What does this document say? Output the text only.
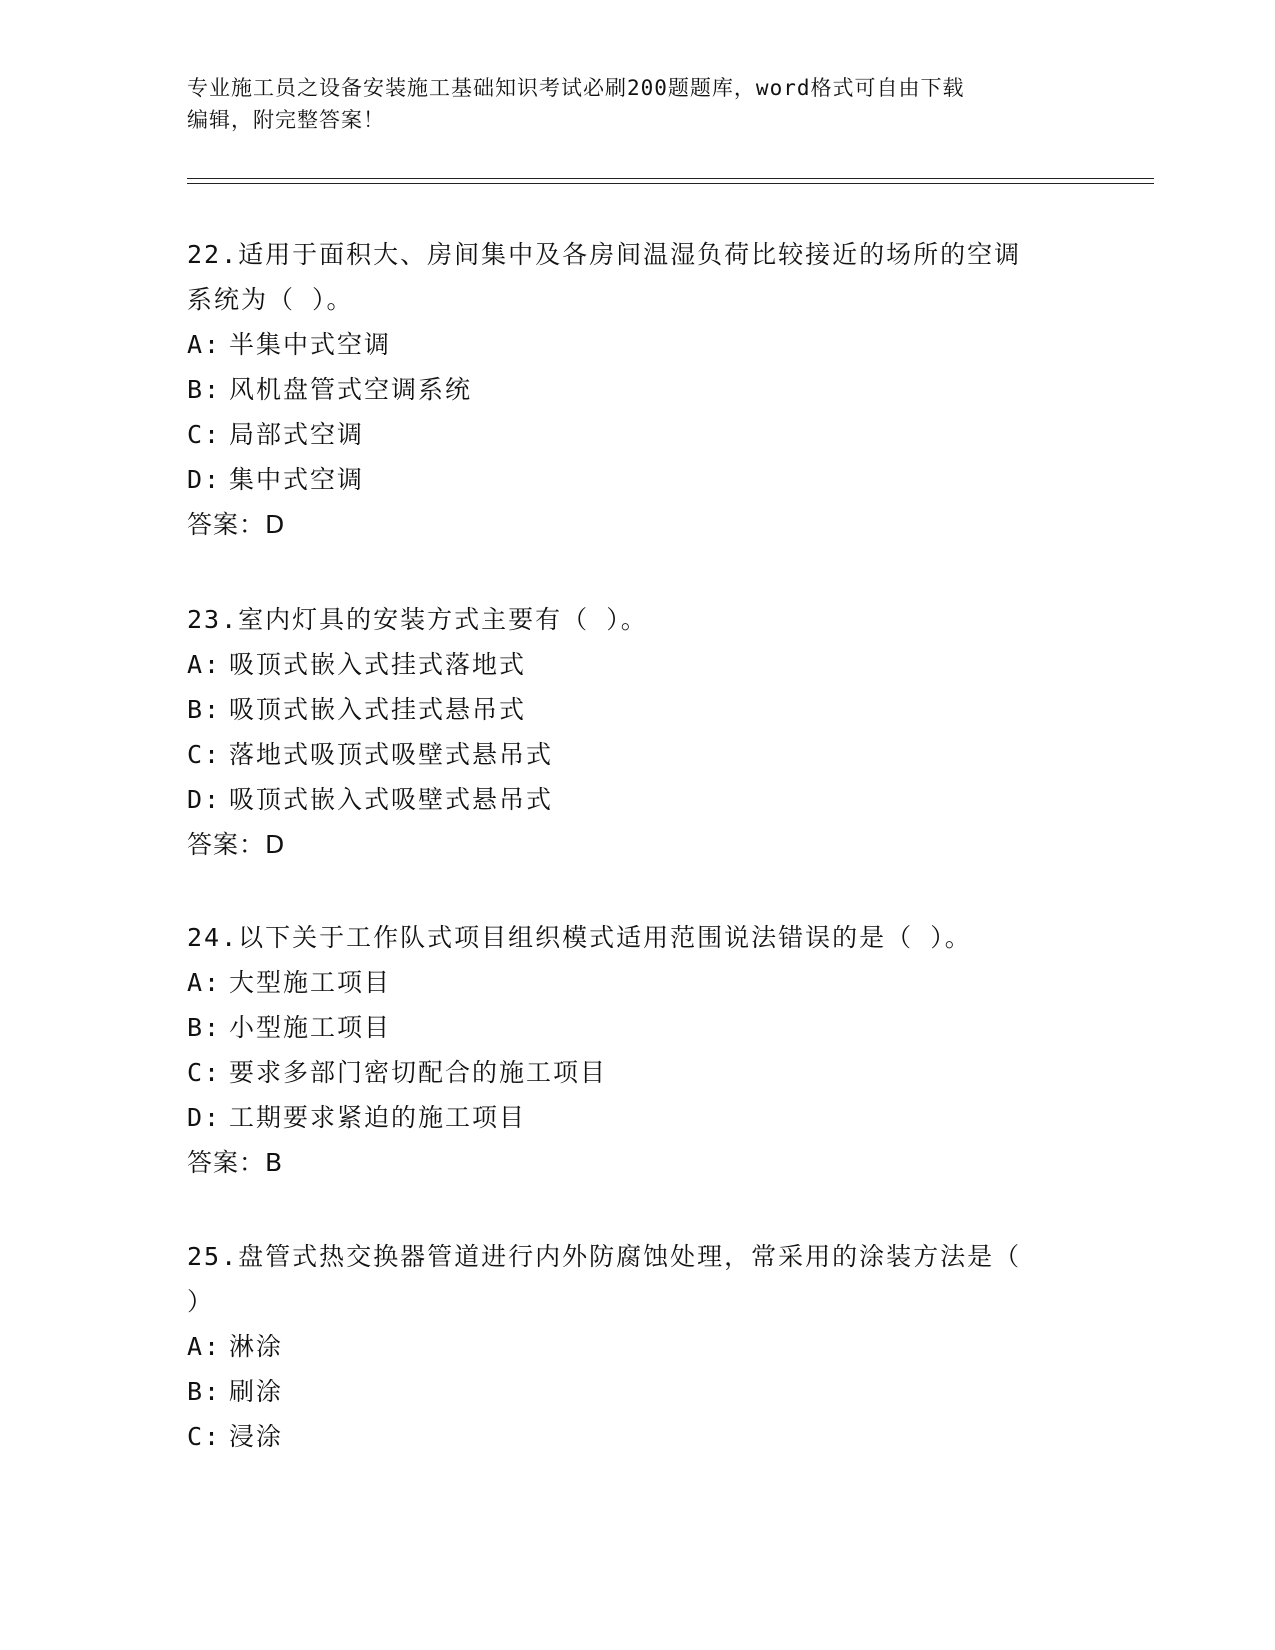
专业施工员之设备安装施工基础知识考试必刷200题题库，word格式可自由下载
编辑，附完整答案！

22.适用于面积大、房间集中及各房间温湿负荷比较接近的场所的空调
系统为（ ）。

A: 半集中式空调

B: 风机盘管式空调系统

C: 局部式空调

D: 集中式空调

答案：D

23.室内灯具的安装方式主要有（ ）。

A: 吸顶式嵌入式挂式落地式

B: 吸顶式嵌入式挂式悬吊式

C: 落地式吸顶式吸壁式悬吊式

D: 吸顶式嵌入式吸壁式悬吊式

答案：D

24.以下关于工作队式项目组织模式适用范围说法错误的是（ ）。

A: 大型施工项目

B: 小型施工项目

C: 要求多部门密切配合的施工项目

D: 工期要求紧迫的施工项目

答案：B

25.盘管式热交换器管道进行内外防腐蚀处理，常采用的涂装方法是（
）

A: 淋涂

B: 刷涂

C: 浸涂
